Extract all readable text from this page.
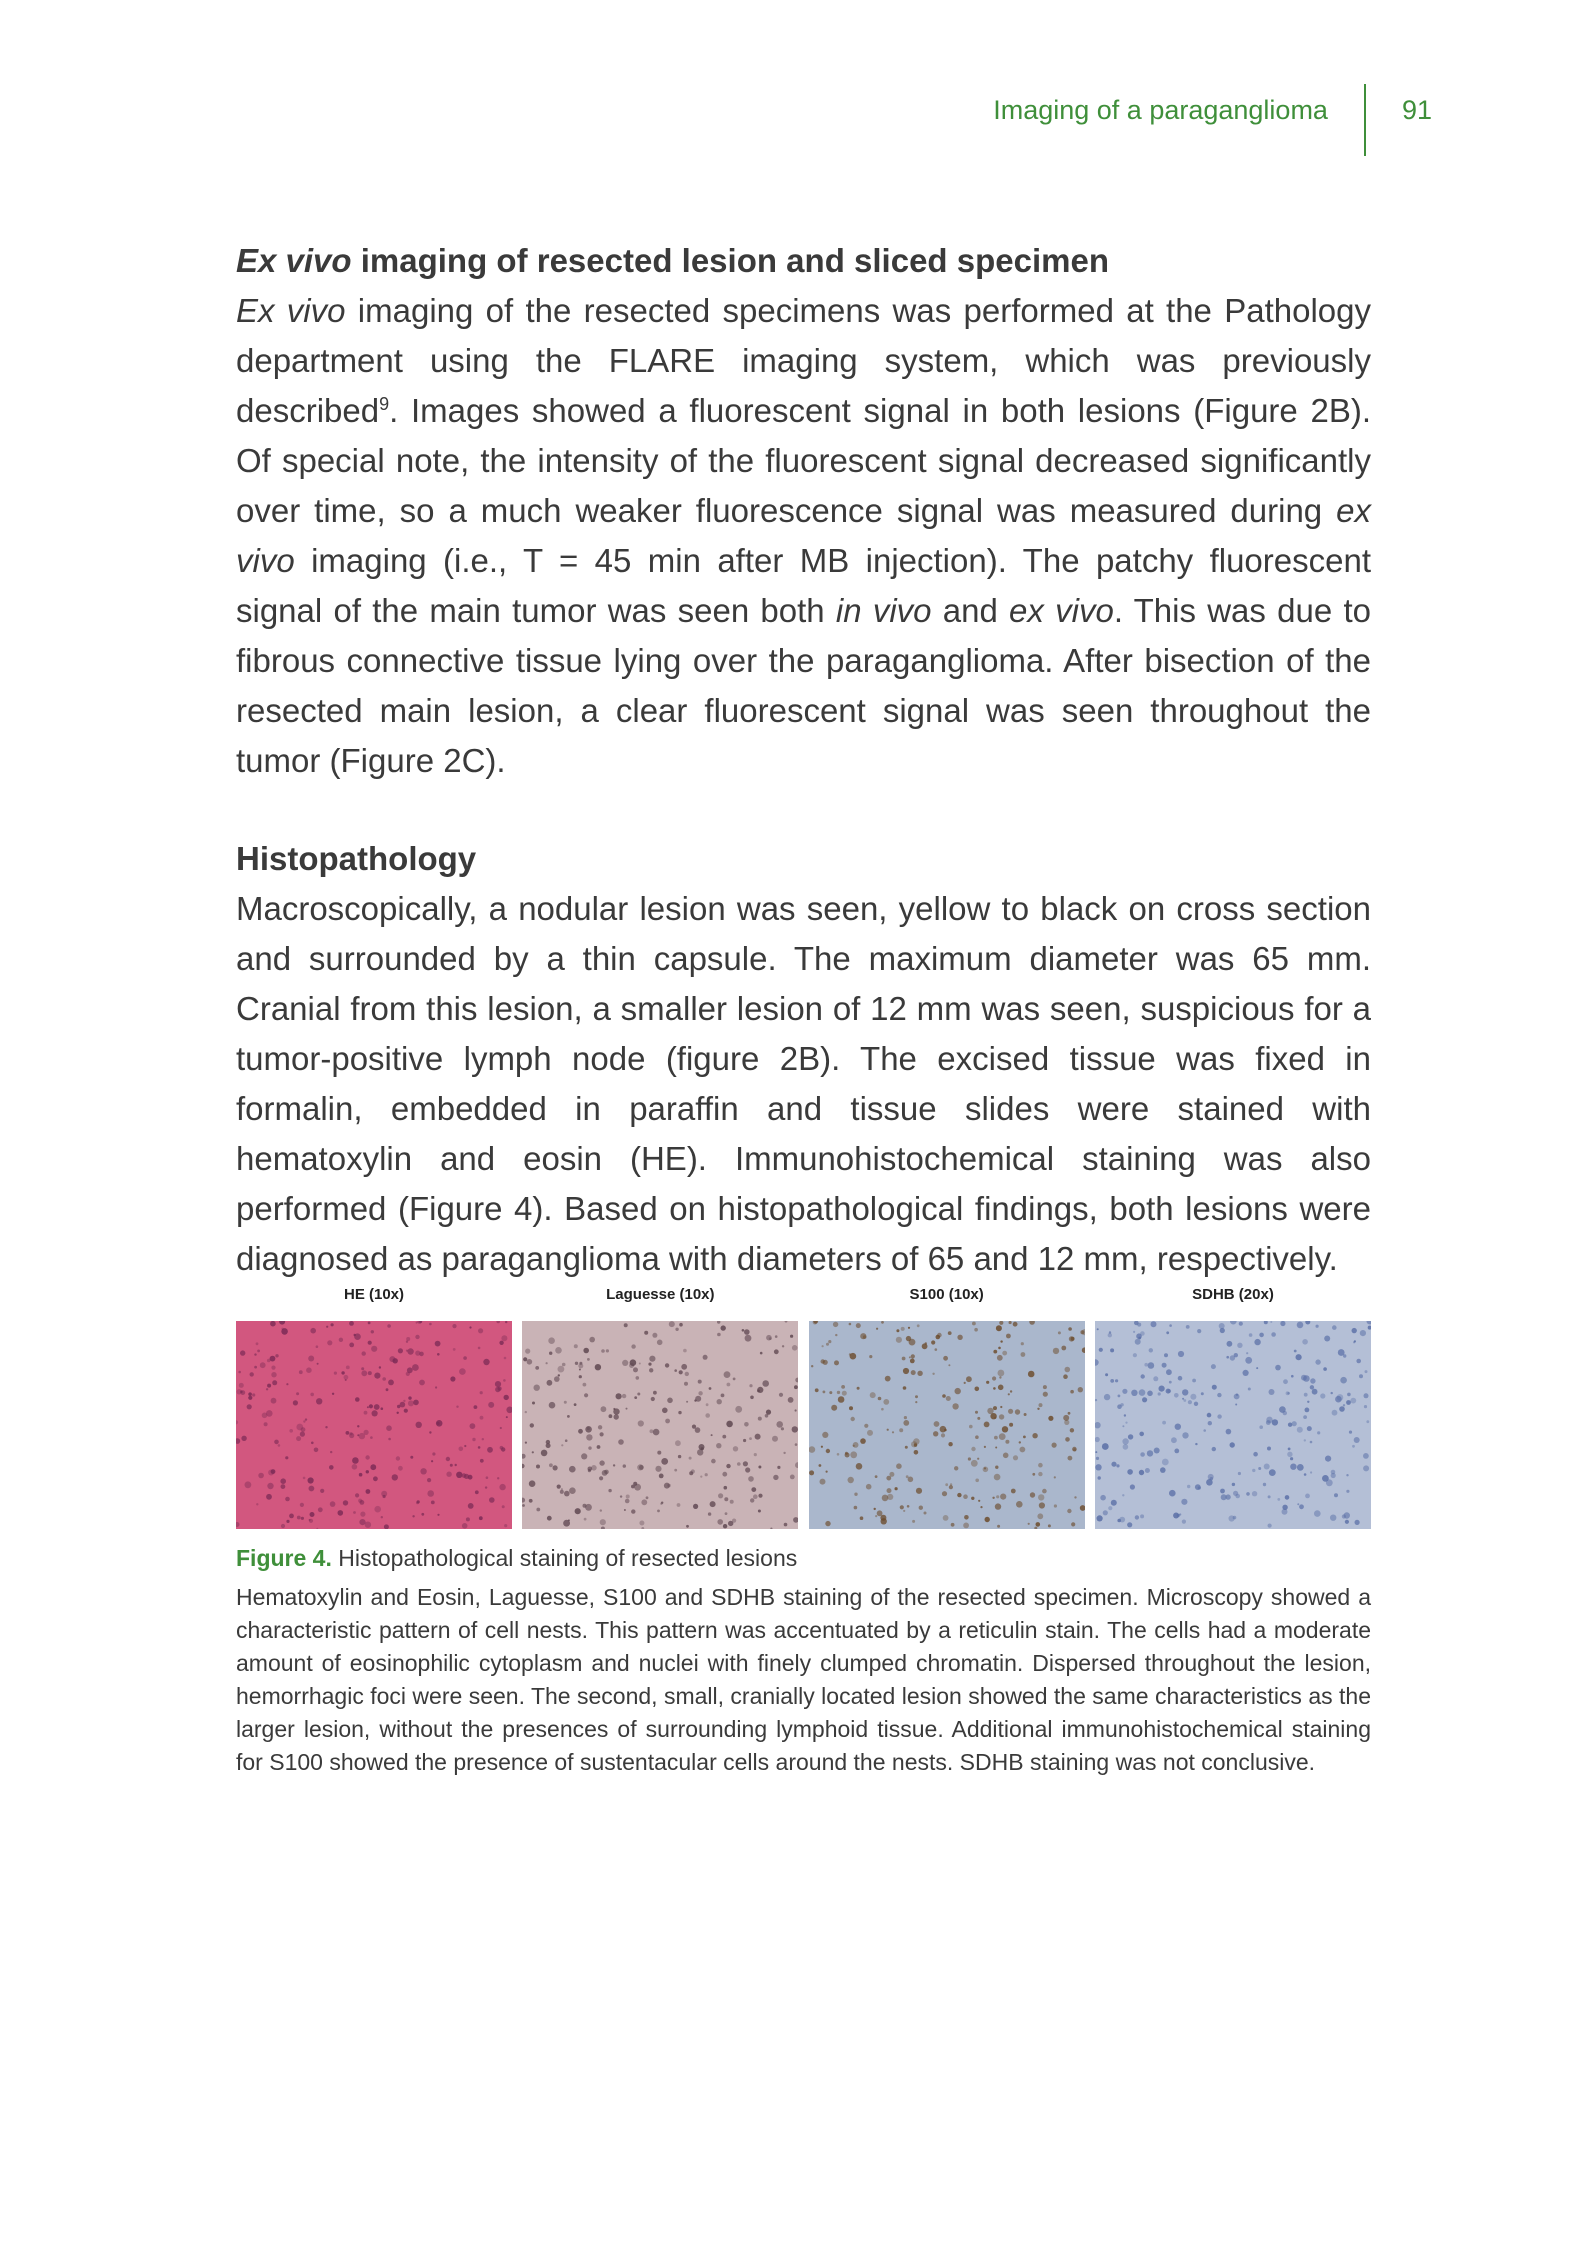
Imaging of a paraganglioma	91
Ex vivo imaging of resected lesion and sliced specimen

Ex vivo imaging of the resected specimens was performed at the Pathology department using the FLARE imaging system, which was previously described$^9$. Images showed a fluorescent signal in both lesions (Figure 2B). Of special note, the intensity of the fluorescent signal decreased significantly over time, so a much weaker fluorescence signal was measured during ex vivo imaging (i.e., T = 45 min after MB injection). The patchy fluorescent signal of the main tumor was seen both in vivo and ex vivo. This was due to fibrous connective tissue lying over the paraganglioma. After bisection of the resected main lesion, a clear fluorescent signal was seen throughout the tumor (Figure 2C).

Histopathology

Macroscopically, a nodular lesion was seen, yellow to black on cross section and surrounded by a thin capsule. The maximum diameter was 65 mm. Cranial from this lesion, a smaller lesion of 12 mm was seen, suspicious for a tumor-positive lymph node (figure 2B). The excised tissue was fixed in formalin, embedded in paraffin and tissue slides were stained with hematoxylin and eosin (HE). Immunohistochemical staining was also performed (Figure 4). Based on histopathological findings, both lesions were diagnosed as paraganglioma with diameters of 65 and 12 mm, respectively.

HE (10x)	Laguesse (10x)	S100 (10x)	SDHB (20x)

Figure 4. Histopathological staining of resected lesions

Hematoxylin and Eosin, Laguesse, S100 and SDHB staining of the resected specimen. Microscopy showed a characteristic pattern of cell nests. This pattern was accentuated by a reticulin stain. The cells had a moderate amount of eosinophilic cytoplasm and nuclei with finely clumped chromatin. Dispersed throughout the lesion, hemorrhagic foci were seen. The second, small, cranially located lesion showed the same characteristics as the larger lesion, without the presences of surrounding lymphoid tissue. Additional immunohistochemical staining for S100 showed the presence of sustentacular cells around the nests. SDHB staining was not conclusive.
